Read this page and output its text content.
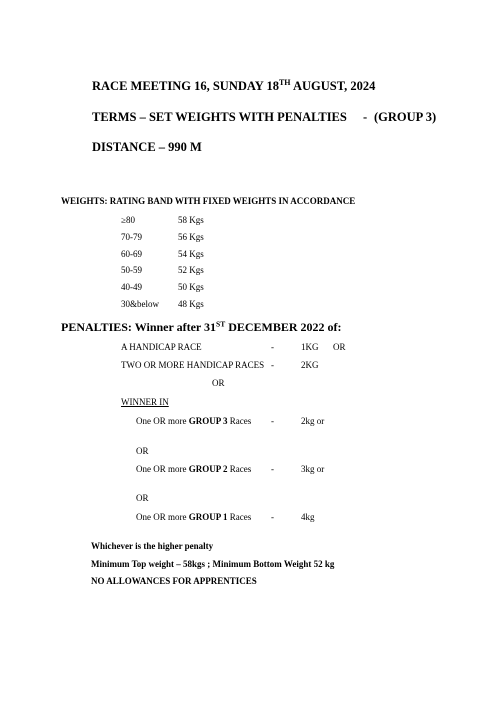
RACE MEETING 16, SUNDAY 18TH AUGUST, 2024
TERMS – SET WEIGHTS WITH PENALTIES - (GROUP 3)
DISTANCE – 990 M
WEIGHTS: RATING BAND WITH FIXED WEIGHTS IN ACCORDANCE
≥80	58 Kgs
70-79	56 Kgs
60-69	54 Kgs
50-59	52 Kgs
40-49	50 Kgs
30&below 48 Kgs
PENALTIES: Winner after 31ST DECEMBER 2022 of:
A HANDICAP RACE	-	1KG OR
TWO OR MORE HANDICAP RACES -	2KG
OR
WINNER IN
One OR more GROUP 3 Races -	2kg or
OR
One OR more GROUP 2 Races -	3kg or
OR
One OR more GROUP 1 Races -	4kg
Whichever is the higher penalty
Minimum Top weight – 58kgs ; Minimum Bottom Weight 52 kg
NO ALLOWANCES FOR APPRENTICES
